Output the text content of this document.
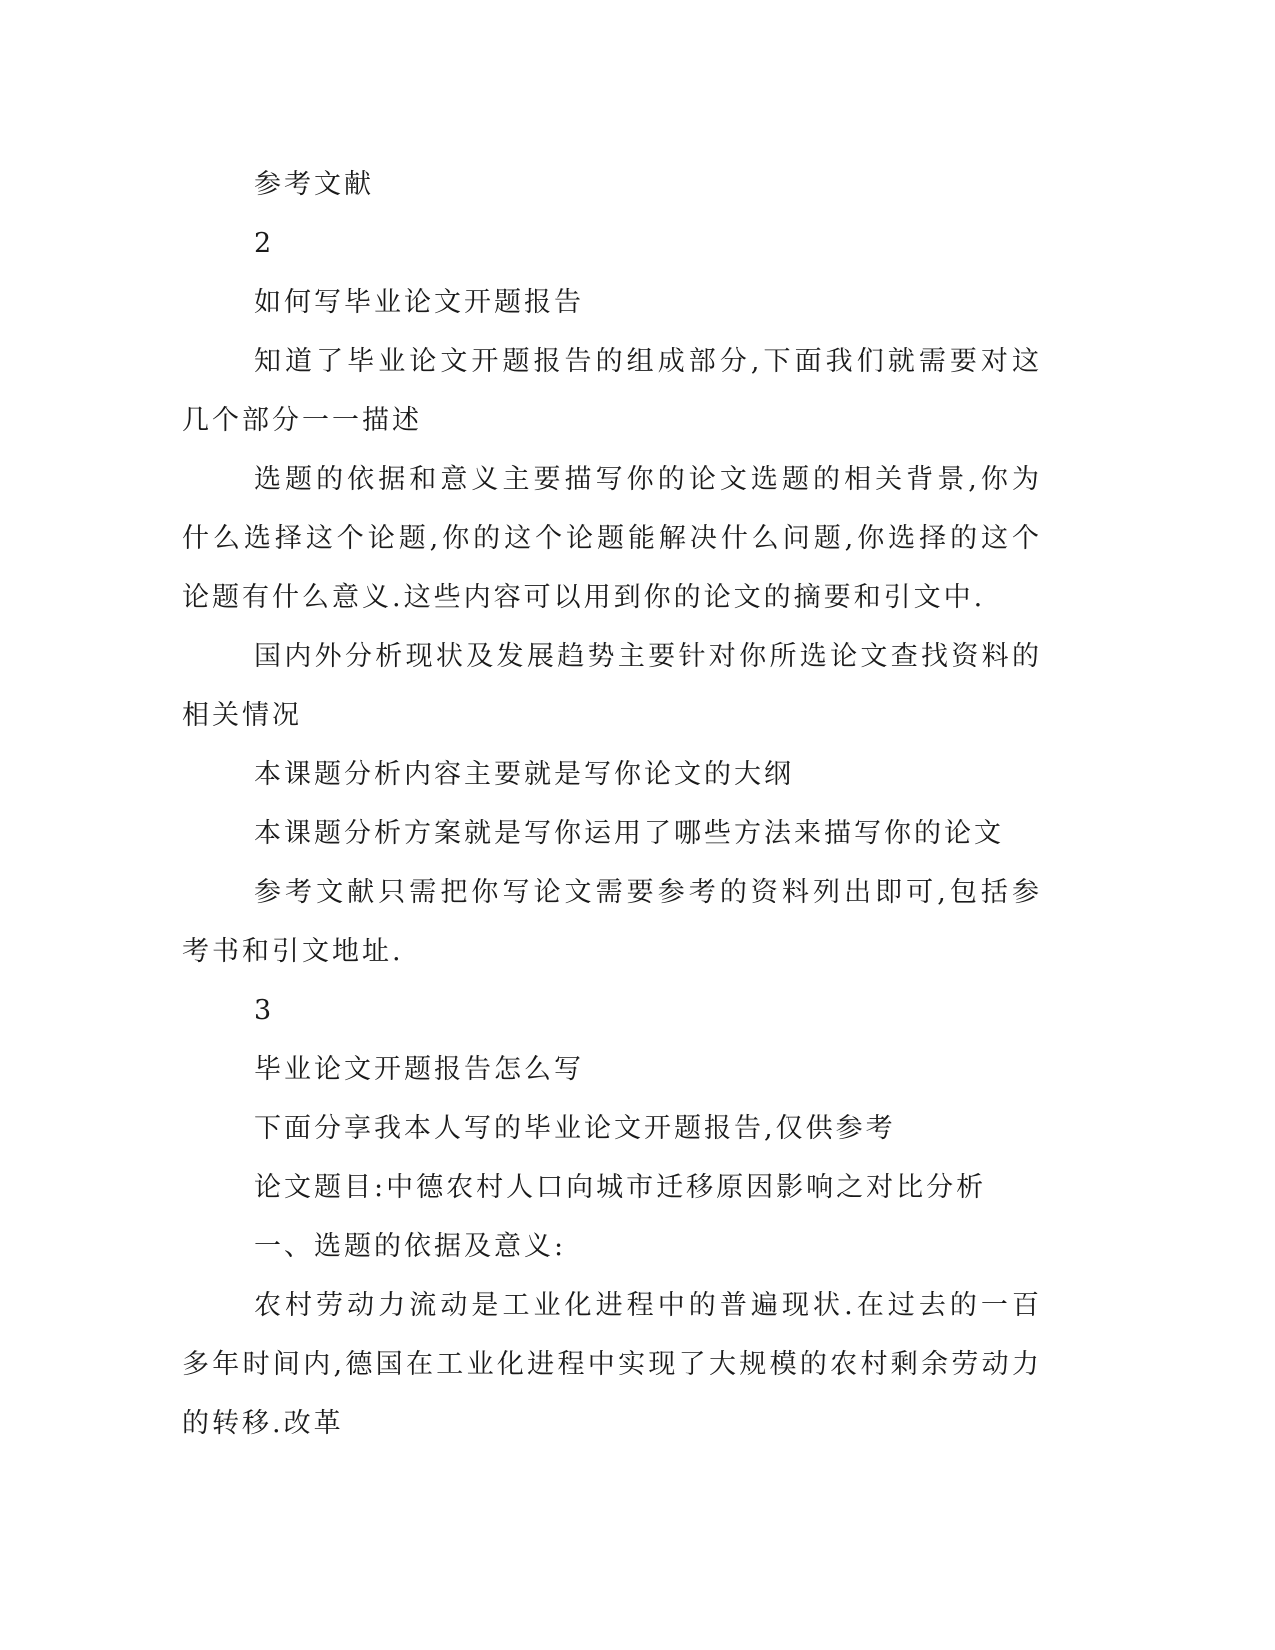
参考文献

2

如何写毕业论文开题报告

知道了毕业论文开题报告的组成部分,下面我们就需要对这几个部分一一描述

选题的依据和意义主要描写你的论文选题的相关背景,你为什么选择这个论题,你的这个论题能解决什么问题,你选择的这个论题有什么意义.这些内容可以用到你的论文的摘要和引文中.

国内外分析现状及发展趋势主要针对你所选论文查找资料的相关情况

本课题分析内容主要就是写你论文的大纲

本课题分析方案就是写你运用了哪些方法来描写你的论文

参考文献只需把你写论文需要参考的资料列出即可,包括参考书和引文地址.

3

毕业论文开题报告怎么写

下面分享我本人写的毕业论文开题报告,仅供参考

论文题目:中德农村人口向城市迁移原因影响之对比分析

一、选题的依据及意义:

农村劳动力流动是工业化进程中的普遍现状.在过去的一百多年时间内,德国在工业化进程中实现了大规模的农村剩余劳动力的转移.改革
